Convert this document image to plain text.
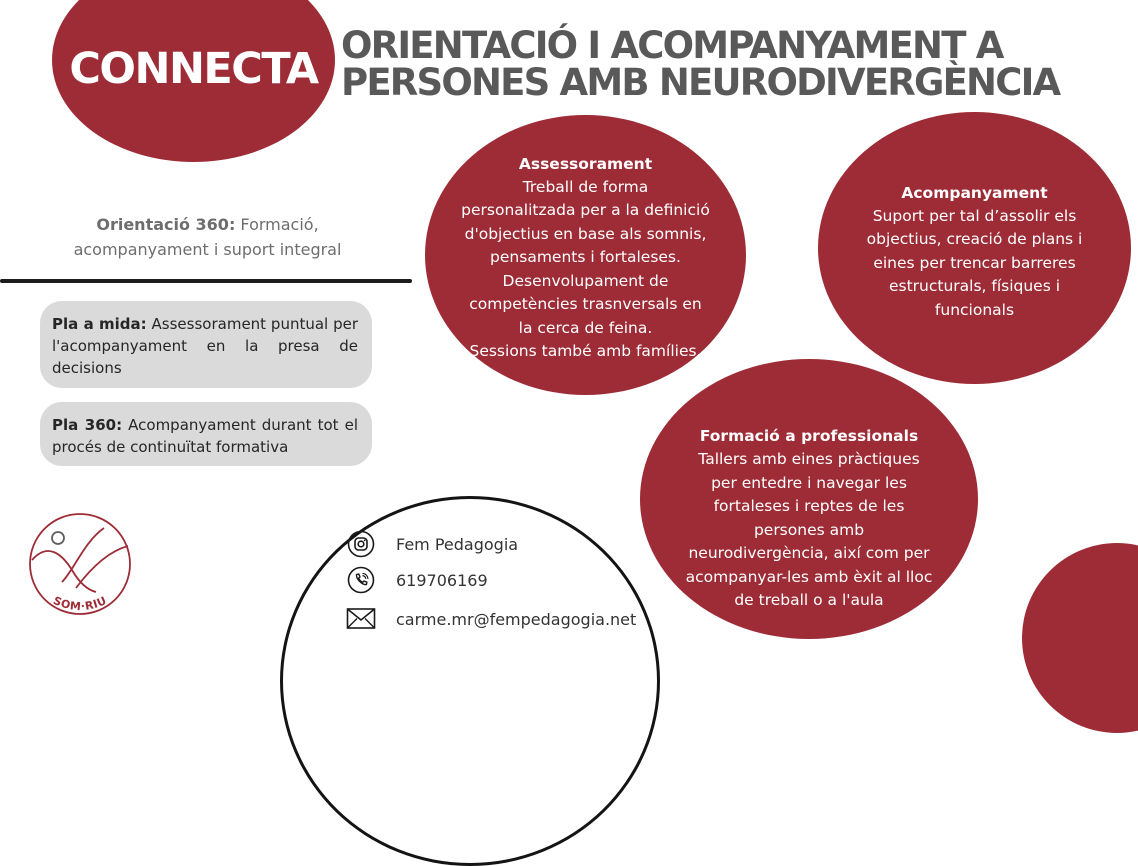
CONNECTA ORIENTACIÓ I ACOMPANYAMENT A
PERSONES AMB NEURODIVERGÈNCIA
Orientació 360: Formació,
acompanyament i suport integral
Pla a mida: Assessorament puntual per l'acompanyament en la presa de decisions
Pla 360: Acompanyament durant tot el procés de continuïtat formativa
Assessorament
Treball de forma
personalitzada per a la definició
d'objectius en base als somnis,
pensaments i fortaleses.
Desenvolupament de
competències trasnversals en
la cerca de feina.
Sessions també amb famílies.
Acompanyament
Suport per tal d’assolir els
objectius, creació de plans i
eines per trencar barreres
estructurals, físiques i
funcionals
Formació a professionals
Tallers amb eines pràctiques
per entedre i navegar les
fortaleses i reptes de les
persones amb
neurodivergència, així com per
acompanyar-les amb èxit al lloc
de treball o a l'aula
Fem Pedagogia
619706169
carme.mr@fempedagogia.net
SOM·RIU
